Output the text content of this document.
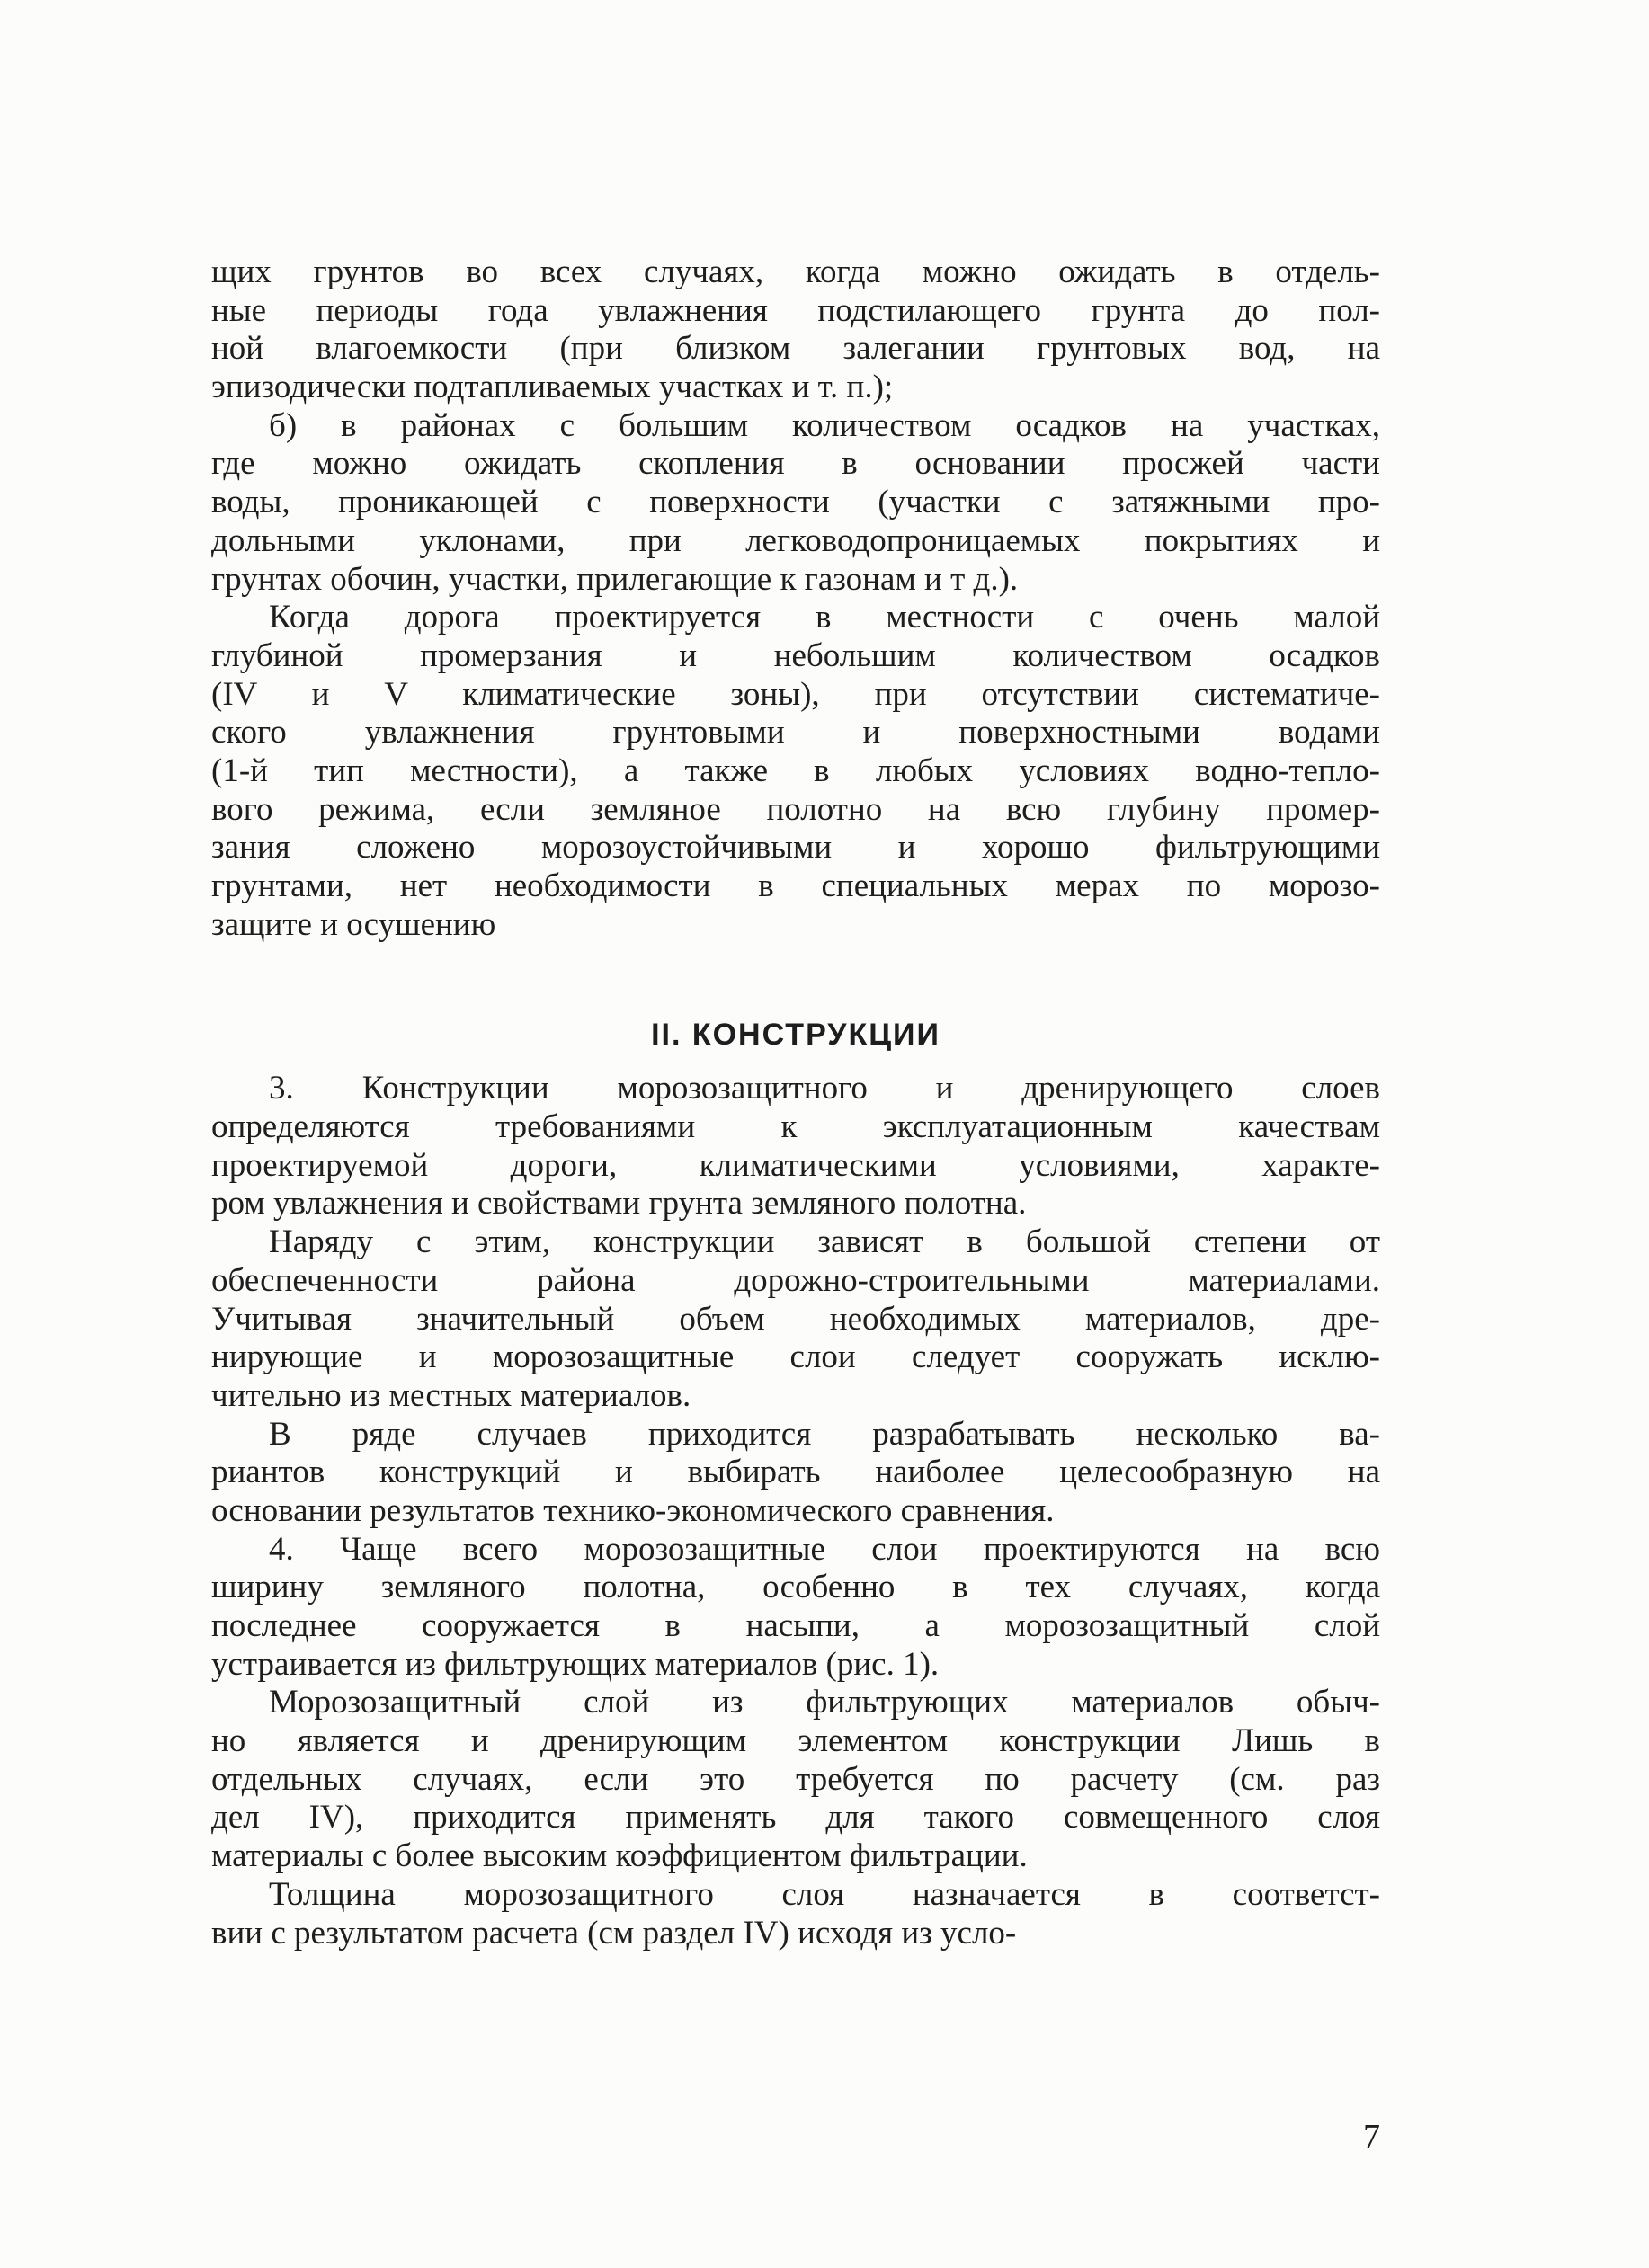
щих грунтов во всех случаях, когда можно ожидать в отдель-
ные периоды года увлажнения подстилающего грунта до пол-
ной влагоемкости (при близком залегании грунтовых вод, на
эпизодически подтапливаемых участках и т. п.);
б) в районах с большим количеством осадков на участках,
где можно ожидать скопления в основании просжей части
воды, проникающей с поверхности (участки с затяжными про-
дольными уклонами, при легководопроницаемых покрытиях и
грунтах обочин, участки, прилегающие к газонам и т д.).
Когда дорога проектируется в местности с очень малой
глубиной промерзания и небольшим количеством осадков
(IV и V климатические зоны), при отсутствии систематиче-
ского увлажнения грунтовыми и поверхностными водами
(1-й тип местности), а также в любых условиях водно-тепло-
вого режима, если земляное полотно на всю глубину промер-
зания сложено морозоустойчивыми и хорошо фильтрующими
грунтами, нет необходимости в специальных мерах по морозо-
защите и осушению
II. КОНСТРУКЦИИ
3. Конструкции морозозащитного и дренирующего слоев
определяются требованиями к эксплуатационным качествам
проектируемой дороги, климатическими условиями, характе-
ром увлажнения и свойствами грунта земляного полотна.
Наряду с этим, конструкции зависят в большой степени от
обеспеченности района дорожно-строительными материалами.
Учитывая значительный объем необходимых материалов, дре-
нирующие и морозозащитные слои следует сооружать исклю-
чительно из местных материалов.
В ряде случаев приходится разрабатывать несколько ва-
риантов конструкций и выбирать наиболее целесообразную на
основании результатов технико-экономического сравнения.
4. Чаще всего морозозащитные слои проектируются на всю
ширину земляного полотна, особенно в тех случаях, когда
последнее сооружается в насыпи, а морозозащитный слой
устраивается из фильтрующих материалов (рис. 1).
Морозозащитный слой из фильтрующих материалов обыч-
но является и дренирующим элементом конструкции Лишь в
отдельных случаях, если это требуется по расчету (см. раз
дел IV), приходится применять для такого совмещенного слоя
материалы с более высоким коэффициентом фильтрации.
Толщина морозозащитного слоя назначается в соответст-
вии с результатом расчета (см раздел IV) исходя из усло-
7
